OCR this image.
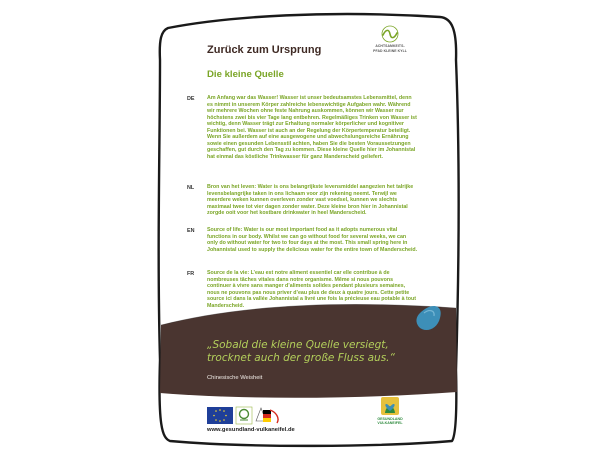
Zurück zum Ursprung
Die kleine Quelle
ACHTSAMKEITS-
PFAD KLEINE KYLL
DE Am Anfang war das Wasser! Wasser ist unser bedeutsamstes Lebensmittel, denn es nimmt in unserem Körper zahlreiche lebenswichtige Aufgaben wahr. Während wir mehrere Wochen ohne feste Nahrung auskommen, können wir Wasser nur höchstens zwei bis vier Tage lang entbehren. Regelmäßiges Trinken von Wasser ist wichtig, denn Wasser trägt zur Erhaltung normaler körperlicher und kognitiver Funktionen bei. Wasser ist auch an der Regelung der Körpertemperatur beteiligt. Wenn Sie außerdem auf eine ausgewogene und abwechslungsreiche Ernährung sowie einen gesunden Lebensstil achten, haben Sie die besten Voraussetzungen geschaffen, gut durch den Tag zu kommen. Diese kleine Quelle hier im Johannistal hat einmal das köstliche Trinkwasser für ganz Manderscheid geliefert.

NL Bron van het leven: Water is ons belangrijkste levensmiddel aangezien het talrijke levensbelangrijke taken in ons lichaam voor zijn rekening neemt. Terwijl we meerdere weken kunnen overleven zonder vast voedsel, kunnen we slechts maximaal twee tot vier dagen zonder water. Deze kleine bron hier in Johannistal zorgde ooit voor het kostbare drinkwater in heel Manderscheid.

EN Source of life: Water is our most important food as it adopts numerous vital functions in our body. Whilst we can go without food for several weeks, we can only do without water for two to four days at the most. This small spring here in Johannistal used to supply the delicious water for the entire town of Manderscheid.

FR Source de la vie: L’eau est notre aliment essentiel car elle contribue à de nombreuses tâches vitales dans notre organisme. Même si nous pouvons continuer à vivre sans manger d’aliments solides pendant plusieurs semaines, nous ne pouvons pas nous priver d’eau plus de deux à quatre jours. Cette petite source ici dans la vallée Johannistal a livré une fois la précieuse eau potable à tout Manderscheid.

„Sobald die kleine Quelle versiegt, trocknet auch der große Fluss aus.“

Chinesische Weisheit
www.gesundland-vulkaneifel.de
GESUNDLAND
VULKANEIFEL
